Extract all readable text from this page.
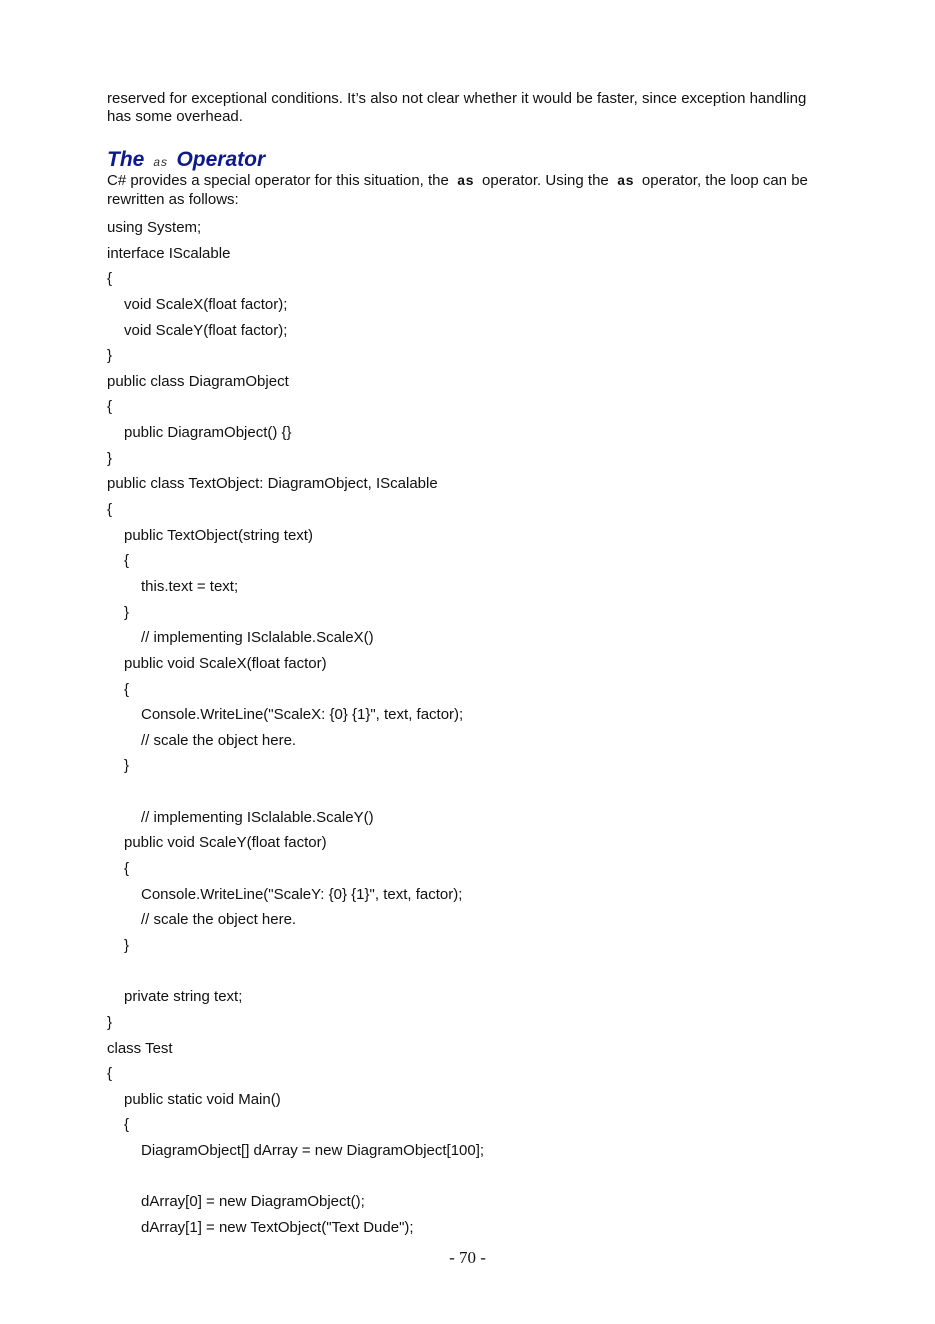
reserved for exceptional conditions. It’s also not clear whether it would be faster, since exception handling has some overhead.

The as Operator

C# provides a special operator for this situation, the as operator. Using the as operator, the loop can be rewritten as follows:

using System;
interface IScalable
{
void ScaleX(float factor);
void ScaleY(float factor);
}
public class DiagramObject
{
public DiagramObject() {}
}
public class TextObject: DiagramObject, IScalable
{
public TextObject(string text)
{
this.text = text;
}
// implementing ISclalable.ScaleX()
public void ScaleX(float factor)
{
Console.WriteLine("ScaleX: {0} {1}", text, factor);
// scale the object here.
}
// implementing ISclalable.ScaleY()
public void ScaleY(float factor)
{
Console.WriteLine("ScaleY: {0} {1}", text, factor);
// scale the object here.
}
private string text;
}
class Test
{
public static void Main()
{
DiagramObject[] dArray = new DiagramObject[100];
dArray[0] = new DiagramObject();
dArray[1] = new TextObject("Text Dude");
- 70 -
